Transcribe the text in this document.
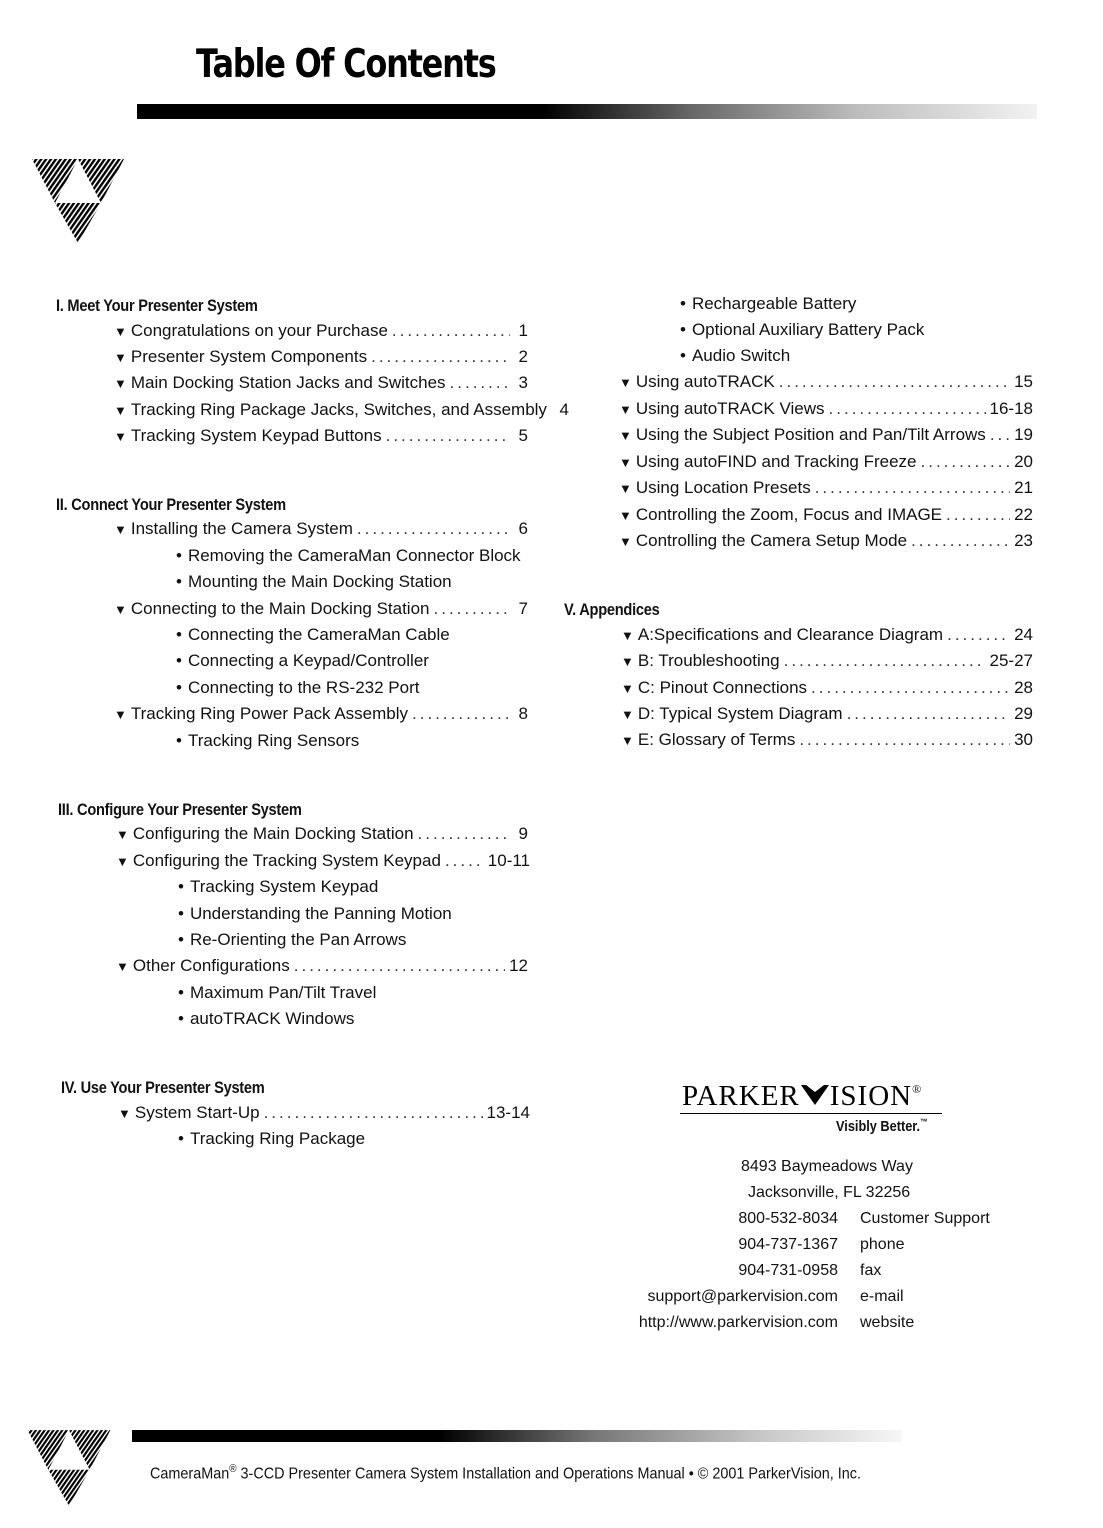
Table Of Contents
I. Meet Your Presenter System
▼ Congratulations on your Purchase .....	1
▼ Presenter System Components .....	2
▼ Main Docking Station Jacks and Switches .....	3
▼ Tracking Ring Package Jacks, Switches, and Assembly 4
▼ Tracking System Keypad Buttons .....	5
II. Connect Your Presenter System
▼ Installing the Camera System .....	6
• Removing the CameraMan Connector Block
• Mounting the Main Docking Station
▼ Connecting to the Main Docking Station .....	7
• Connecting the CameraMan Cable
• Connecting a Keypad/Controller
• Connecting to the RS-232 Port
▼ Tracking Ring Power Pack Assembly .....	8
• Tracking Ring Sensors
III. Configure Your Presenter System
▼ Configuring the Main Docking Station .....	9
▼ Configuring the Tracking System Keypad .....	10-11
• Tracking System Keypad
• Understanding the Panning Motion
• Re-Orienting the Pan Arrows
▼ Other Configurations .....	12
• Maximum Pan/Tilt Travel
• autoTRACK Windows
IV. Use Your Presenter System
▼ System Start-Up .....	13-14
• Tracking Ring Package
• Rechargeable Battery
• Optional Auxiliary Battery Pack
• Audio Switch
▼ Using autoTRACK .....	15
▼ Using autoTRACK Views .....	16-18
▼ Using the Subject Position and Pan/Tilt Arrows ..... 19
▼ Using autoFIND and Tracking Freeze .....	20
▼ Using Location Presets .....	21
▼ Controlling the Zoom, Focus and IMAGE .....	22
▼ Controlling the Camera Setup Mode .....	23
V. Appendices
▼ A:Specifications and Clearance Diagram .....	24
▼ B: Troubleshooting .....	25-27
▼ C: Pinout Connections .....	28
▼ D: Typical System Diagram .....	29
▼ E: Glossary of Terms .....	30
PARKER ISION®
Visibly Better.™
8493 Baymeadows Way
Jacksonville, FL 32256
800-532-8034 Customer Support
904-737-1367 phone
904-731-0958 fax
support@parkervision.com e-mail
http://www.parkervision.com website
CameraMan® 3-CCD Presenter Camera System Installation and Operations Manual • © 2001 ParkerVision, Inc.
